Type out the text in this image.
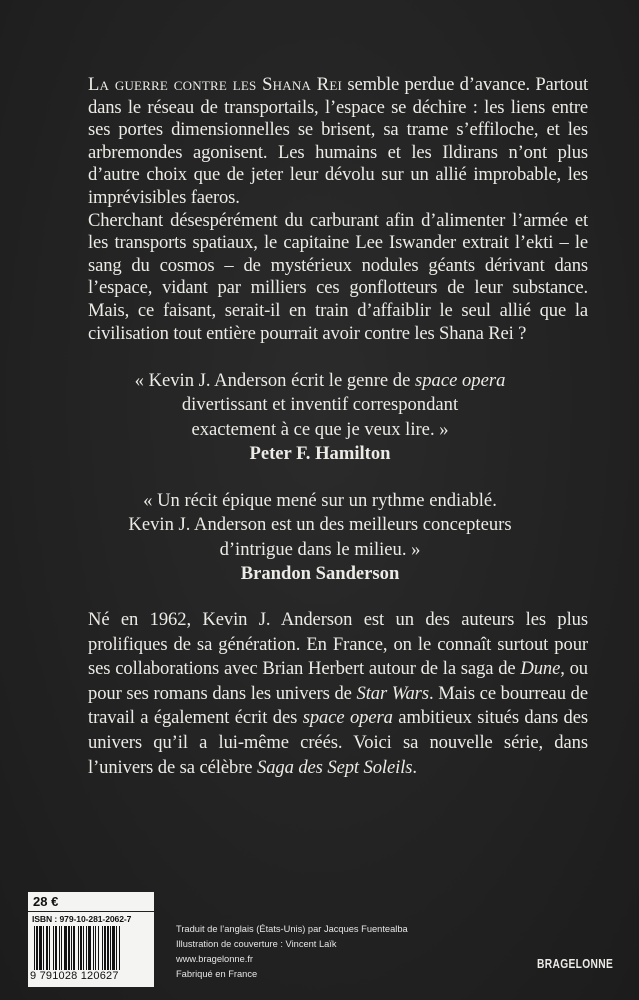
La guerre contre les Shana Rei semble perdue d’avance. Partout dans le réseau de transportails, l’espace se déchire : les liens entre ses portes dimensionnelles se brisent, sa trame s’effiloche, et les arbremondes agonisent. Les humains et les Ildirans n’ont plus d’autre choix que de jeter leur dévolu sur un allié improbable, les imprévisibles faeros.

Cherchant désespérément du carburant afin d’alimenter l’armée et les transports spatiaux, le capitaine Lee Iswander extrait l’ekti – le sang du cosmos – de mystérieux nodules géants dérivant dans l’espace, vidant par milliers ces gonflotteurs de leur substance. Mais, ce faisant, serait-il en train d’affaiblir le seul allié que la civilisation tout entière pourrait avoir contre les Shana Rei ?

« Kevin J. Anderson écrit le genre de space opera
divertissant et inventif correspondant
exactement à ce que je veux lire. »
Peter F. Hamilton
« Un récit épique mené sur un rythme endiablé.
Kevin J. Anderson est un des meilleurs concepteurs
d’intrigue dans le milieu. »
Brandon Sanderson

Né en 1962, Kevin J. Anderson est un des auteurs les plus prolifiques de sa génération. En France, on le connaît surtout pour ses collaborations avec Brian Herbert autour de la saga de Dune, ou pour ses romans dans les univers de Star Wars. Mais ce bourreau de travail a également écrit des space opera ambitieux situés dans des univers qu’il a lui-même créés. Voici sa nouvelle série, dans l’univers de sa célèbre Saga des Sept Soleils.

28 €
ISBN : 979-10-281-2062-7
9 791028 120627
Traduit de l’anglais (États-Unis) par Jacques Fuentealba
Illustration de couverture : Vincent Laïk
www.bragelonne.fr
Fabriqué en France
BRAGELONNE
